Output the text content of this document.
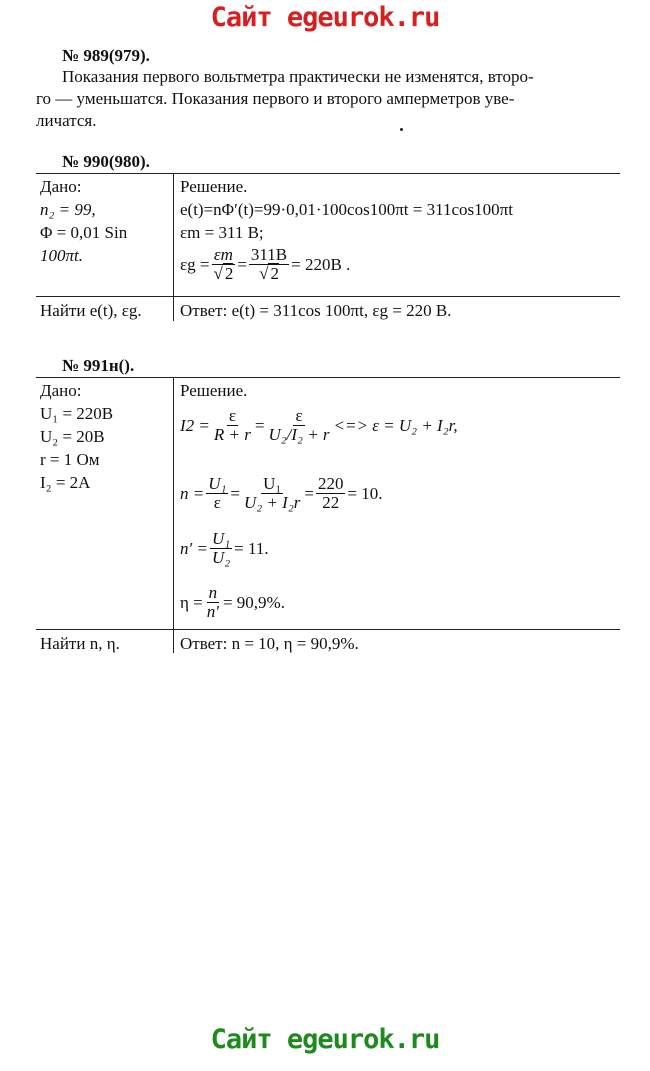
Сайт egeurok.ru
№ 989(979).
Показания первого вольтметра практически не изменятся, второ-
го — уменьшатся. Показания первого и второго амперметров уве-
личатся.
№ 990(980).
Дано:
n₂ = 99,
Φ = 0,01 Sin
100πt.
Решение.
e(t)=nΦ′(t)=99·0,01·100cos100πt = 311cos100πt
εm = 311 В;
εg = εm
√ 2 = 311В
√ 2 = 220В .
Найти e(t), εg. Ответ: e(t) = 311cos 100πt, εg = 220 В.
№ 991н().
Дано:
U₁ = 220В
U₂ = 20В
r = 1 Ом
I₂ = 2A
Решение.
$I2 = \frac{\varepsilon}{R + r} = \frac{\varepsilon}{\text{U₂/I₂ + r}}$ <=> ε = U₂ + I₂r,
$n = \frac{\text{U₁}}{\varepsilon} = \frac{\text{U₁}}{\text{U₂ + I₂r}} = \frac{220}{22} = 10$.
$n' = \frac{\text{U₁}}{\text{U₂}} = 11$.
$\eta = \frac{n}{n'} = 90,9\%$.
Найти n, η.	Ответ: n = 10, η = 90,9%.
Сайт egeurok.ru
